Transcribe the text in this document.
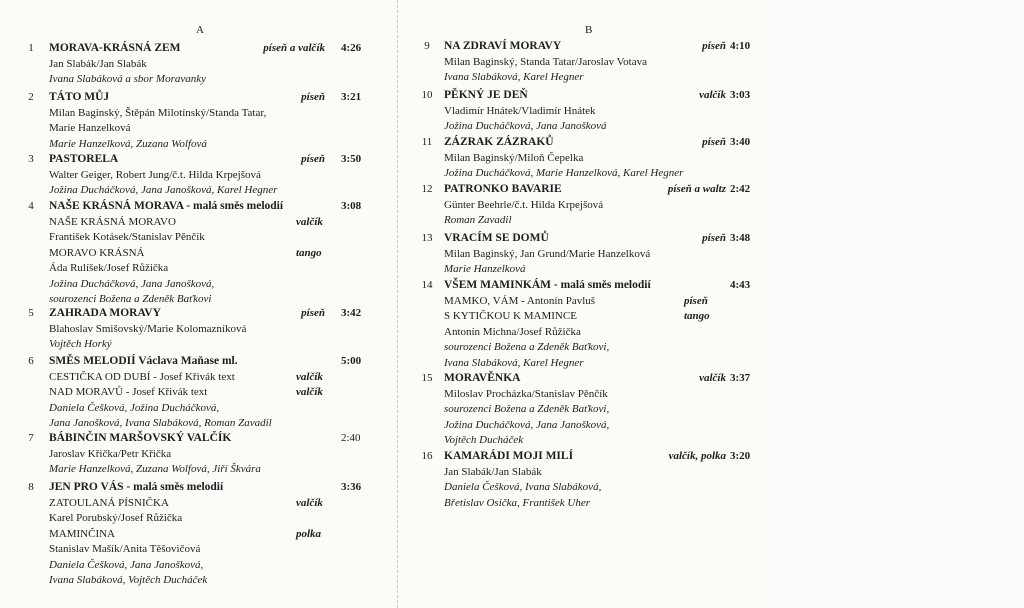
A
1	MORAVA-KRÁSNÁ ZEM	píseň a valčík 4:26
Jan Slabák/Jan Slabák
Ivana Slabáková a sbor Moravanky
2	TÁTO MŮJ	píseň 3:21
Milan Baginský, Štěpán Milotínský/Standa Tatar,
Marie Hanzelková
Marie Hanzelková, Zuzana Wolfová
3	PASTORELA	píseň 3:50
Walter Geiger, Robert Jung/č.t. Hilda Krpejšová
Jožina Ducháčková, Jana Janošková, Karel Hegner
4	NAŠE KRÁSNÁ MORAVA - malá směs melodií	3:08
NAŠE KRÁSNÁ MORAVO	valčík
František Kotásek/Stanislav Pěnčík
MORAVO KRÁSNÁ	tango
Áda Rulíšek/Josef Růžička
Jožina Ducháčková, Jana Janošková,
sourozenci Božena a Zdeněk Baťkovi
5	ZAHRADA MORAVY	píseň 3:42
Blahoslav Smišovský/Marie Kolomazníková
Vojtěch Horký
6	SMĚS MELODIÍ Václava Maňase ml.	5:00
CESTIČKA OD DUBÍ - Josef Křivák text	valčík
NAD MORAVŮ - Josef Křivák text	valčík
Daniela Češková, Jožina Ducháčková,
Jana Janošková, Ivana Slabáková, Roman Zavadil
7	BÁBINČIN MARŠOVSKÝ VALČÍK	2:40
Jaroslav Křička/Petr Křička
Marie Hanzelková, Zuzana Wolfová, Jiří Škvára
8	JEN PRO VÁS - malá směs melodií	3:36
ZATOULANÁ PÍSNIČKA	valčík
Karel Porubský/Josef Růžička
MAMINČINA	polka
Stanislav Mašík/Anita Těšovičová
Daniela Češková, Jana Janošková,
Ivana Slabáková, Vojtěch Ducháček
B
9	NA ZDRAVÍ MORAVY	píseň 4:10
Milan Baginský, Standa Tatar/Jaroslav Votava
Ivana Slabáková, Karel Hegner
10	PĚKNÝ JE DEŇ	valčík 3:03
Vladimír Hnátek/Vladimír Hnátek
Jožina Ducháčková, Jana Janošková
11	ZÁZRAK ZÁZRAKŮ	píseň 3:40
Milan Baginský/Miloň Čepelka
Jožina Ducháčková, Marie Hanzelková, Karel Hegner
12	PATRONKO BAVARIE	píseň a waltz 2:42
Günter Beehrle/č.t. Hilda Krpejšová
Roman Zavadil
13	VRACÍM SE DOMŮ	píseň 3:48
Milan Baginský, Jan Grund/Marie Hanzelková
Marie Hanzelková
14	VŠEM MAMINKÁM - malá směs melodií	4:43
MAMKO, VÁM - Antonín Pavluš	píseň
S KYTIČKOU K MAMINCE	tango
Antonín Michna/Josef Růžička
sourozenci Božena a Zdeněk Baťkovi,
Ivana Slabáková, Karel Hegner
15	MORAVĚNKA	valčík 3:37
Miloslav Procházka/Stanislav Pěnčík
sourozenci Božena a Zdeněk Baťkovi,
Jožina Ducháčková, Jana Janošková,
Vojtěch Ducháček
16	KAMARÁDI MOJI MILÍ	valčík, polka 3:20
Jan Slabák/Jan Slabák
Daniela Češková, Ivana Slabáková,
Břetislav Osička, František Uher
